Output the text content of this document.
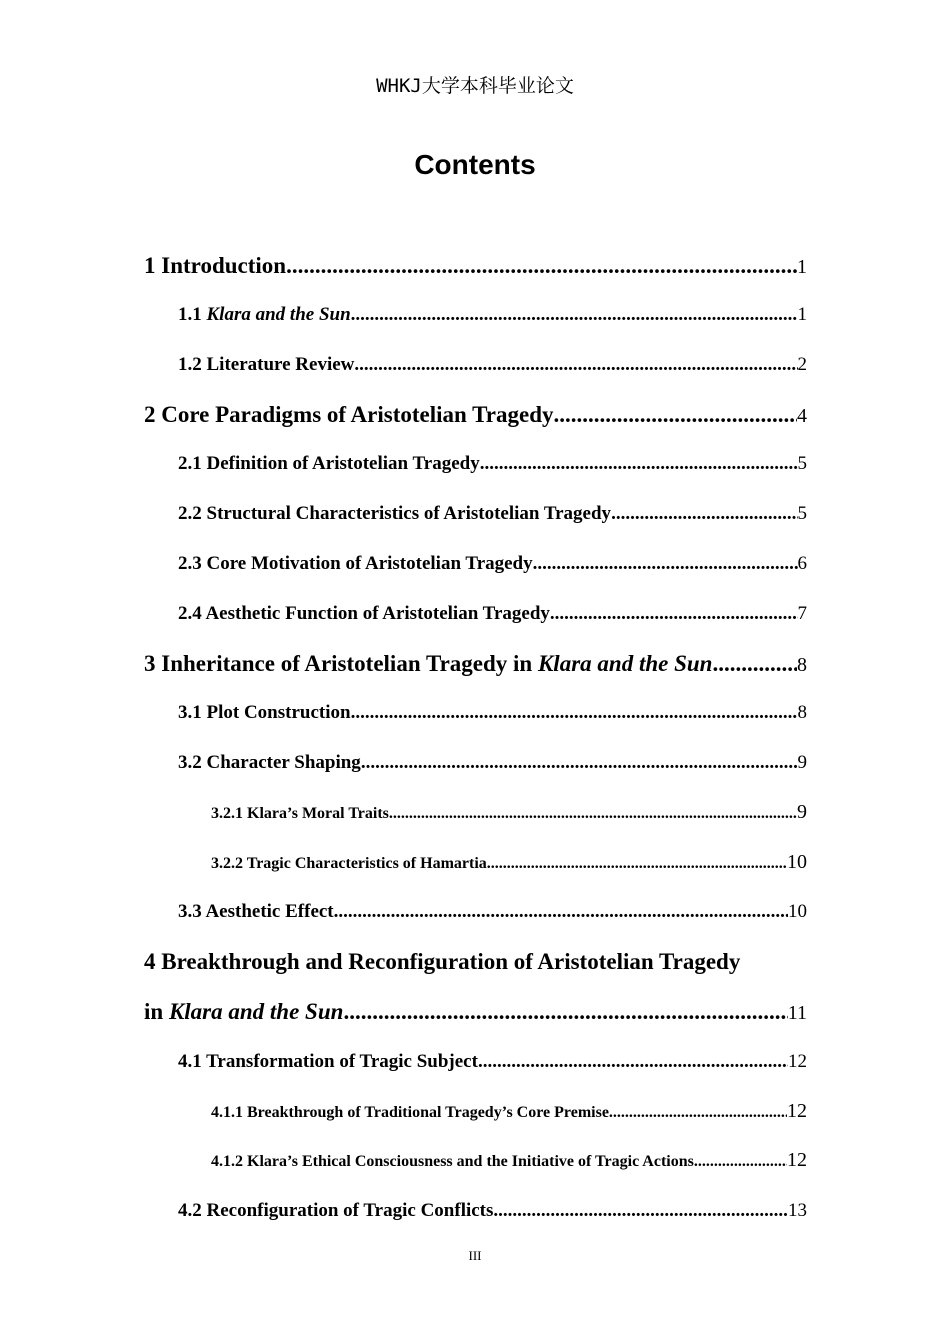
WHKJ大学本科毕业论文
Contents
1 Introduction .....	1
1.1 Klara and the Sun .....	1
1.2 Literature Review .....	2
2 Core Paradigms of Aristotelian Tragedy .....	4
2.1 Definition of Aristotelian Tragedy .....	5
2.2 Structural Characteristics of Aristotelian Tragedy .....	5
2.3 Core Motivation of Aristotelian Tragedy .....	6
2.4 Aesthetic Function of Aristotelian Tragedy .....	7
3 Inheritance of Aristotelian Tragedy in Klara and the Sun .....	8
3.1 Plot Construction .....	8
3.2 Character Shaping .....	9
3.2.1 Klara’s Moral Traits .....	9
3.2.2 Tragic Characteristics of Hamartia .....	10
3.3 Aesthetic Effect .....	10
4 Breakthrough and Reconfiguration of Aristotelian Tragedy
in Klara and the Sun .....	11
4.1 Transformation of Tragic Subject .....	12
4.1.1 Breakthrough of Traditional Tragedy’s Core Premise .....	12
4.1.2 Klara’s Ethical Consciousness and the Initiative of Tragic Actions .....	12
4.2 Reconfiguration of Tragic Conflicts .....	13
III
